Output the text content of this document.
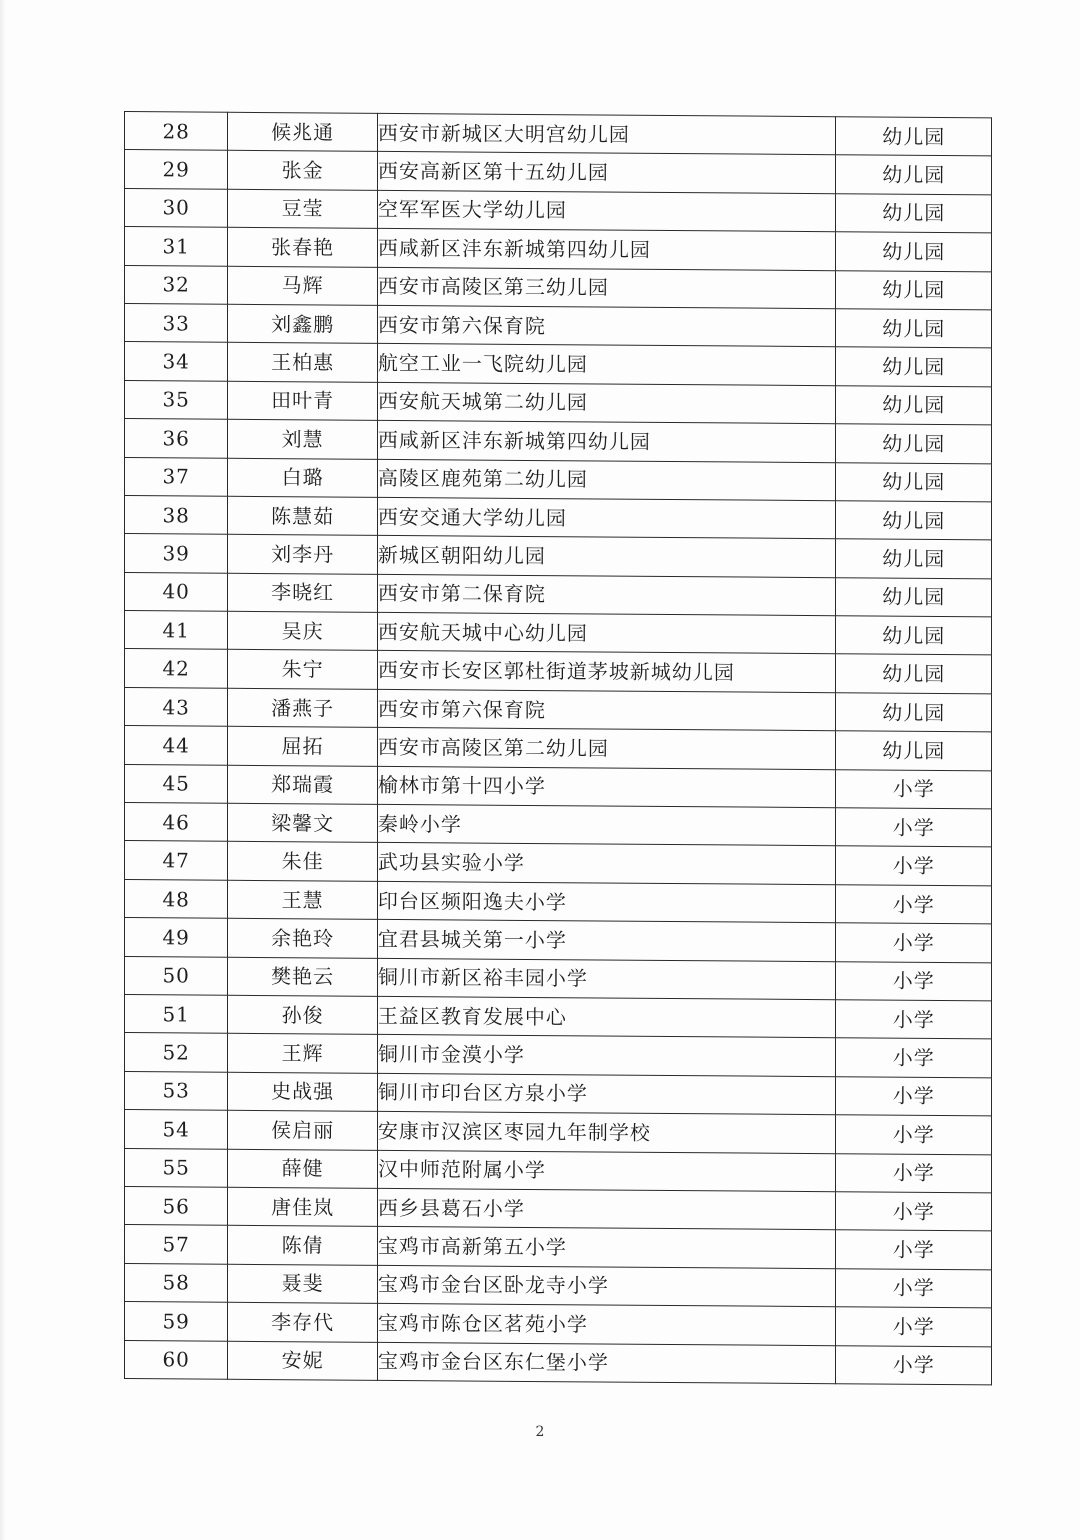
28	候兆通	西安市新城区大明宫幼儿园	幼儿园
29	张金	西安高新区第十五幼儿园	幼儿园
30	豆莹	空军军医大学幼儿园	幼儿园
31	张春艳	西咸新区沣东新城第四幼儿园	幼儿园
32	马辉	西安市高陵区第三幼儿园	幼儿园
33	刘鑫鹏	西安市第六保育院	幼儿园
34	王柏惠	航空工业一飞院幼儿园	幼儿园
35	田叶青	西安航天城第二幼儿园	幼儿园
36	刘慧	西咸新区沣东新城第四幼儿园	幼儿园
37	白璐	高陵区鹿苑第二幼儿园	幼儿园
38	陈慧茹	西安交通大学幼儿园	幼儿园
39	刘李丹	新城区朝阳幼儿园	幼儿园
40	李晓红	西安市第二保育院	幼儿园
41	吴庆	西安航天城中心幼儿园	幼儿园
42	朱宁	西安市长安区郭杜街道茅坡新城幼儿园	幼儿园
43	潘燕子	西安市第六保育院	幼儿园
44	屈拓	西安市高陵区第二幼儿园	幼儿园
45	郑瑞霞	榆林市第十四小学	小学
46	梁馨文	秦岭小学	小学
47	朱佳	武功县实验小学	小学
48	王慧	印台区频阳逸夫小学	小学
49	余艳玲	宜君县城关第一小学	小学
50	樊艳云	铜川市新区裕丰园小学	小学
51	孙俊	王益区教育发展中心	小学
52	王辉	铜川市金漠小学	小学
53	史战强	铜川市印台区方泉小学	小学
54	侯启丽	安康市汉滨区枣园九年制学校	小学
55	薛健	汉中师范附属小学	小学
56	唐佳岚	西乡县葛石小学	小学
57	陈倩	宝鸡市高新第五小学	小学
58	聂斐	宝鸡市金台区卧龙寺小学	小学
59	李存代	宝鸡市陈仓区茗苑小学	小学
60	安妮	宝鸡市金台区东仁堡小学	小学
2
